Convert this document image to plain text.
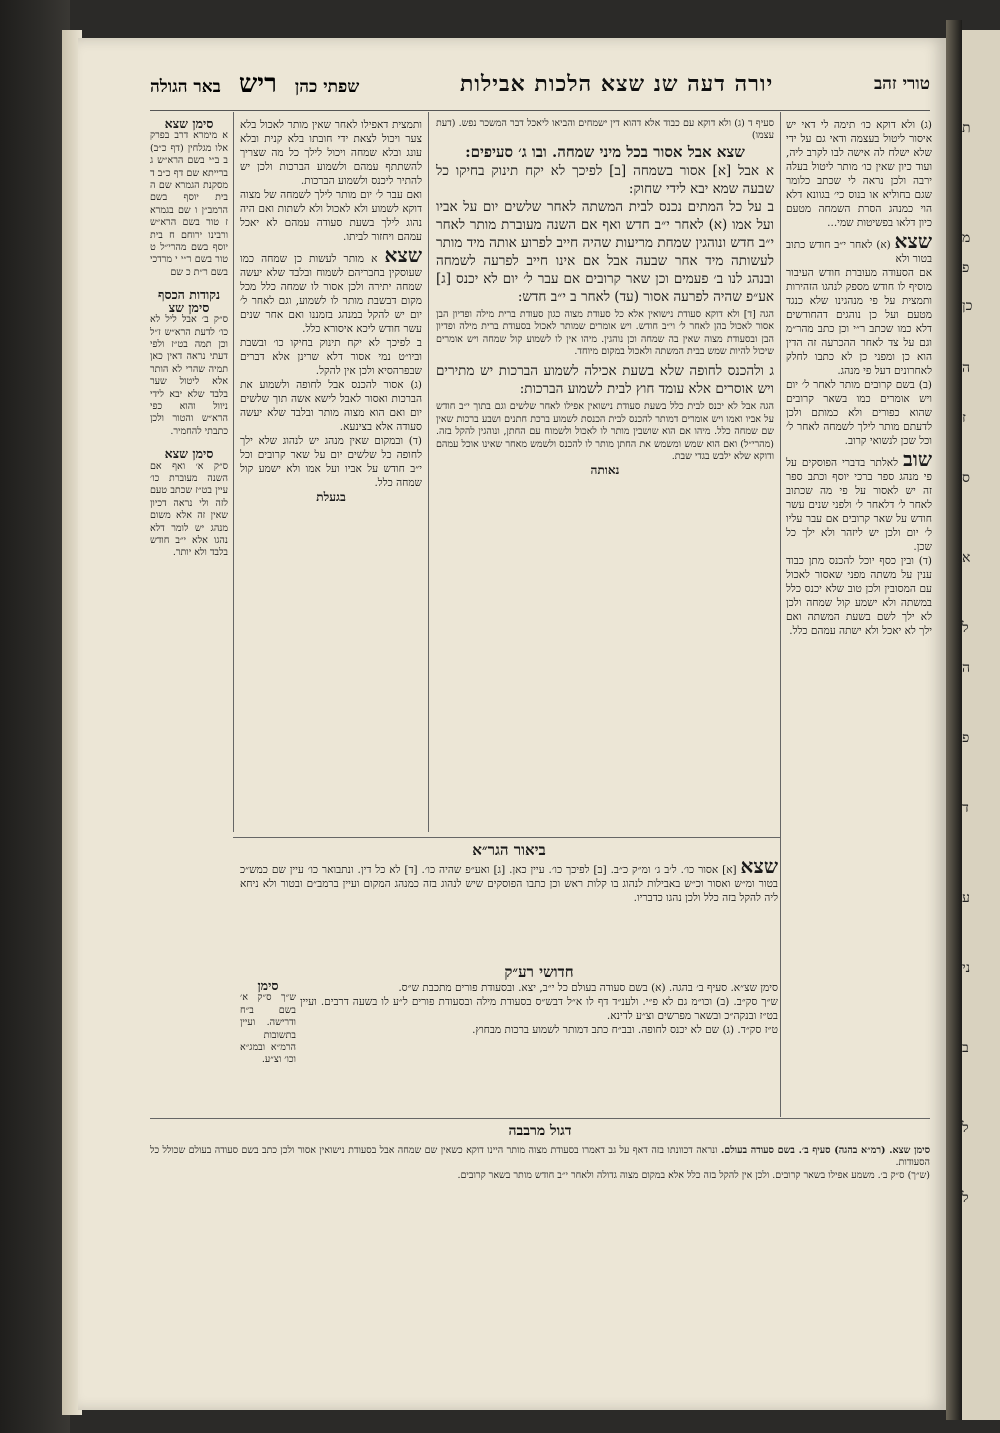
ת
מ
פ
כן
ה
ז
ס
א
ל
ה
פ
ד
ע
ני
ב
ל
ל
טורי זהב
יורה דעה שנ שצא הלכות אבילות
שפתי כהן
ריש
באר הגולה

(ג) ולא דוקא כו׳ תימה לי דאי יש איסור ליטול בעצמה ודאי גם על ידי שלא ישלח לה אישה לבו לקרב ליה, ועוד כיון שאין כו׳ מותר ליטול בעלה ירבה ולכן נראה לי שכתב כלומר שגם בחוליא או בנוס כי׳ בגוונא דלא הוי כמנהג הסרת השמחה מטעם כיון דלאו בפשיטות שמי...

שצא (א) לאחר י״ב חודש כתוב בטור ולא

אם הסעודה מעוברת חודש העיבור מוסיף לו חודש מספק לנהגו הזהירות ותמצית על פי מנהגינו שלא כנגד מטעם ועל כן נוהגים דהחודשים דלא כמו שכתב ר״י וכן כתב מהר״מ וגם על צד לאחר ההכרעה זה הדין הוא כן ומפני כן לא כתבו לחלק לאחרונים דעל פי מנהג.

(ב) בשם קרובים מותר לאחר ל׳ יום ויש אומרים כמו בשאר קרובים שהוא כפורים ולא כמותם ולכן לדעתם מותר לילך לשמחה לאחר ל׳ וכל שכן לנשואי קרוב.

שוב לאלתר בדברי הפוסקים על פי מנהג ספר ברכי יוסף וכתב ספר זה יש לאסור על פי מה שכתוב לאחר ל׳ דלאחר ל׳ ולפני שנים עשר חודש על שאר קרובים אם עבר עליו ל׳ יום ולכן יש ליזהר ולא ילך כל שכן.

(ד) ובין כסף יוכל להכנס מתן כבוד ענין על משתה מפני שאסור לאכול עם המסובין ולכן טוב שלא יכנס כלל במשתה ולא ישמע קול שמחה ולכן לא ילך לשם בשעת המשתה ואם ילך לא יאכל ולא ישתה עמהם כלל.

סעיף ד (ג) ולא דוקא עם כבוד אלא דהוא דין ישמחים והביאו ליאכל דבר המשכר נפש. (דעת עצמו)

שצא אבל אסור בכל מיני שמחה. ובו ג׳ סעיפים:

א אבל [א] אסור בשמחה [ב] לפיכך לא יקח תינוק בחיקו כל שבעה שמא יבא לידי שחוק:

ב על כל המתים נכנס לבית המשתה לאחר שלשים יום על אביו ועל אמו (א) לאחר י״ב חדש ואף אם השנה מעוברת מותר לאחר י״ב חדש ונוהגין שמחת מריעות שהיה חייב לפרוע אותה מיד מותר לעשותה מיד אחר שבעה אבל אם אינו חייב לפרעה לשמחה ובנהג לנו ב׳ פעמים וכן שאר קרובים אם עבר ל׳ יום לא יכנס [ג] אע״פ שהיה לפרעה אסור (עד) לאחר ב י״ב חדש:

הגה [ד] ולא דוקא סעודת נישואין אלא כל סעודת מצוה כגון סעודת ברית מילה ופדיון הבן אסור לאכול בהן לאחר ל׳ וי״ב חודש. ויש אומרים שמותר לאכול בסעודת ברית מילה ופדיון הבן ובסעודת מצוה שאין בה שמחה וכן נוהגין. מיהו אין לו לשמוע קול שמחה ויש אומרים שיכול להיות שמש בבית המשתה ולאכול במקום מיוחד.

ג ולהכנס לחופה שלא בשעת אכילה לשמוע הברכות יש מתירים ויש אוסרים אלא עומד חוץ לבית לשמוע הברכות:

הגה אבל לא יכנס לבית כלל בשעת סעודת נישואין אפילו לאחר שלשים וגם בתוך י״ב חודש על אביו ואמו ויש אומרים דמותר להכנס לבית הכנסת לשמוע ברכת חתנים ושבע ברכות שאין שם שמחה כלל. מיהו אם הוא שושבין מותר לו לאכול ולשמוח עם החתן, ונוהגין להקל בזה. (מהרי״ל) ואם הוא שמש ומשמש את החתן מותר לו להכנס ולשמש מאחר שאינו אוכל עמהם ודוקא שלא ילבש בגדי שבת.

נאותה

ותמצית דאפילו לאחר שאין מותר לאכול בלא צער ויכול לצאת ידי חובתו בלא קנית ובלא עונג ובלא שמחה ויכול לילך כל מה שצריך להשתתף עמהם ולשמוע הברכות ולכן יש להתיר ליכנס ולשמוע הברכות.

ואם עבר ל׳ יום מותר לילך לשמחה של מצוה דוקא לשמוע ולא לאכול ולא לשתות ואם היה נהוג לילך בשעת סעודה עמהם לא יאכל עמהם ויחזור לביתו.

שצא א מותר לעשות כן שמחה כמו שעוסקין בחבריהם לשמוח ובלבד שלא יעשה שמחה יתירה ולכן אסור לו שמחה כלל מכל מקום דבשבת מותר לו לשמוע, וגם לאחר ל׳ יום יש להקל במנהג בזמננו ואם אחר שנים עשר חודש ליכא איסורא כלל.

ב לפיכך לא יקח תינוק בחיקו כו׳ ובשבת וביו״ט נמי אסור דלא שרינן אלא דברים שבפרהסיא ולכן אין להקל.

(ג) אסור להכנס אבל לחופה ולשמוע את הברכות ואסור לאבל לישא אשה תוך שלשים יום ואם הוא מצוה מותר ובלבד שלא יעשה סעודה אלא בצינעא.

(ד) ובמקום שאין מנהג יש לנהוג שלא ילך לחופה כל שלשים יום על שאר קרובים וכל י״ב חודש על אביו ועל אמו ולא ישמע קול שמחה כלל.

בגעלת

סימן שצא

א מימרא דרב בפרק אלו מגלחין (דף כ״ב) ב ב״י בשם הרא״ש ג ברייתא שם דף כ״ב ד מסקנת הגמרא שם ה בית יוסף בשם הרמב״ן ו שם בגמרא ז טור בשם הרא״ש ורבינו ירוחם ח בית יוסף בשם מהרי״ל ט טור בשם ר״י י מרדכי בשם ר״ת כ שם

נקודות הכסף

סימן שצ

ס״ק ב׳ אבל ליל לא כו׳ לדעת הרא״ש ז״ל וכן תמה בט״ז ולפי דעתי נראה דאין כאן תמיה שהרי לא הותר אלא ליטול שער בלבד שלא יבא לידי ניוול והוא כפי הרא״ש והטור ולכן כתבתי להחמיר.

סימן שצא

ס״ק א׳ ואף אם השנה מעוברת כו׳ עיין בט״ז שכתב טעם לזה ולי נראה דכיון שאין זה אלא משום מנהג יש לומר דלא נהגו אלא י״ב חודש בלבד ולא יותר.

ביאור הגר״א

שצא [א] אסור כו׳. ל׳ב ג׳ ומ״ק כ״ב. [ב] לפיכך כו׳. עיין כאן. [ג] ואע״פ שהיה כו׳. [ד] לא כל דין. ונתבואר כו׳ עיין שם כמש״כ בטור ומ״ש ואסור וכ״ש באבילות לנהוג בו קלות ראש וכן כתבו הפוסקים שיש לנהוג בזה כמנהג המקום ועיין ברמב״ם ובטור ולא ניחא ליה להקל בזה כלל ולכן נהגו כדבריו.

חדושי רע״ק

סימן שצ״א. סעיף ב׳ בהגה. (א) בשם סעודה בעולם כל י״ב, יצא. ובסעודת פורים מתכבת ש״ס.

ש״ך סק״ב. (ב) וכו״מ גם לא פ״י. ולענ״ד דף לו א״ל דבש״ס בסעודת מילה ובסעודת פורים ל״ע לו בשעה דרבים. ועיין בט״ז ובנקה״כ ובשאר מפרשים וצ״ע לדינא.

ט״ז סק״ד. (ג) שם לא יכנס לחופה. ובב״ח כתב דמותר לשמוע ברכות מבחוץ.

סימן

ש״ך ס״ק א׳ בשם ב״ח ודרישה. ועיין בתשובות הרמ״א ובמג״א וכו׳ וצ״ע.

דגול מרבבה

סימן שצא. (רמ״א בהגה) סעיף ב׳. בשם סעודה בעולם. ונראה דכוונתו בזה דאף על גב דאמרו בסעודת מצוה מותר היינו דוקא כשאין שם שמחה אבל בסעודת נישואין אסור ולכן כתב בשם סעודה בעולם שכולל כל הסעודות.

(ש״ך) ס״ק ב׳. משמע אפילו בשאר קרובים. ולכן אין להקל בזה כלל אלא במקום מצוה גדולה ולאחר י״ב חודש מותר בשאר קרובים.
